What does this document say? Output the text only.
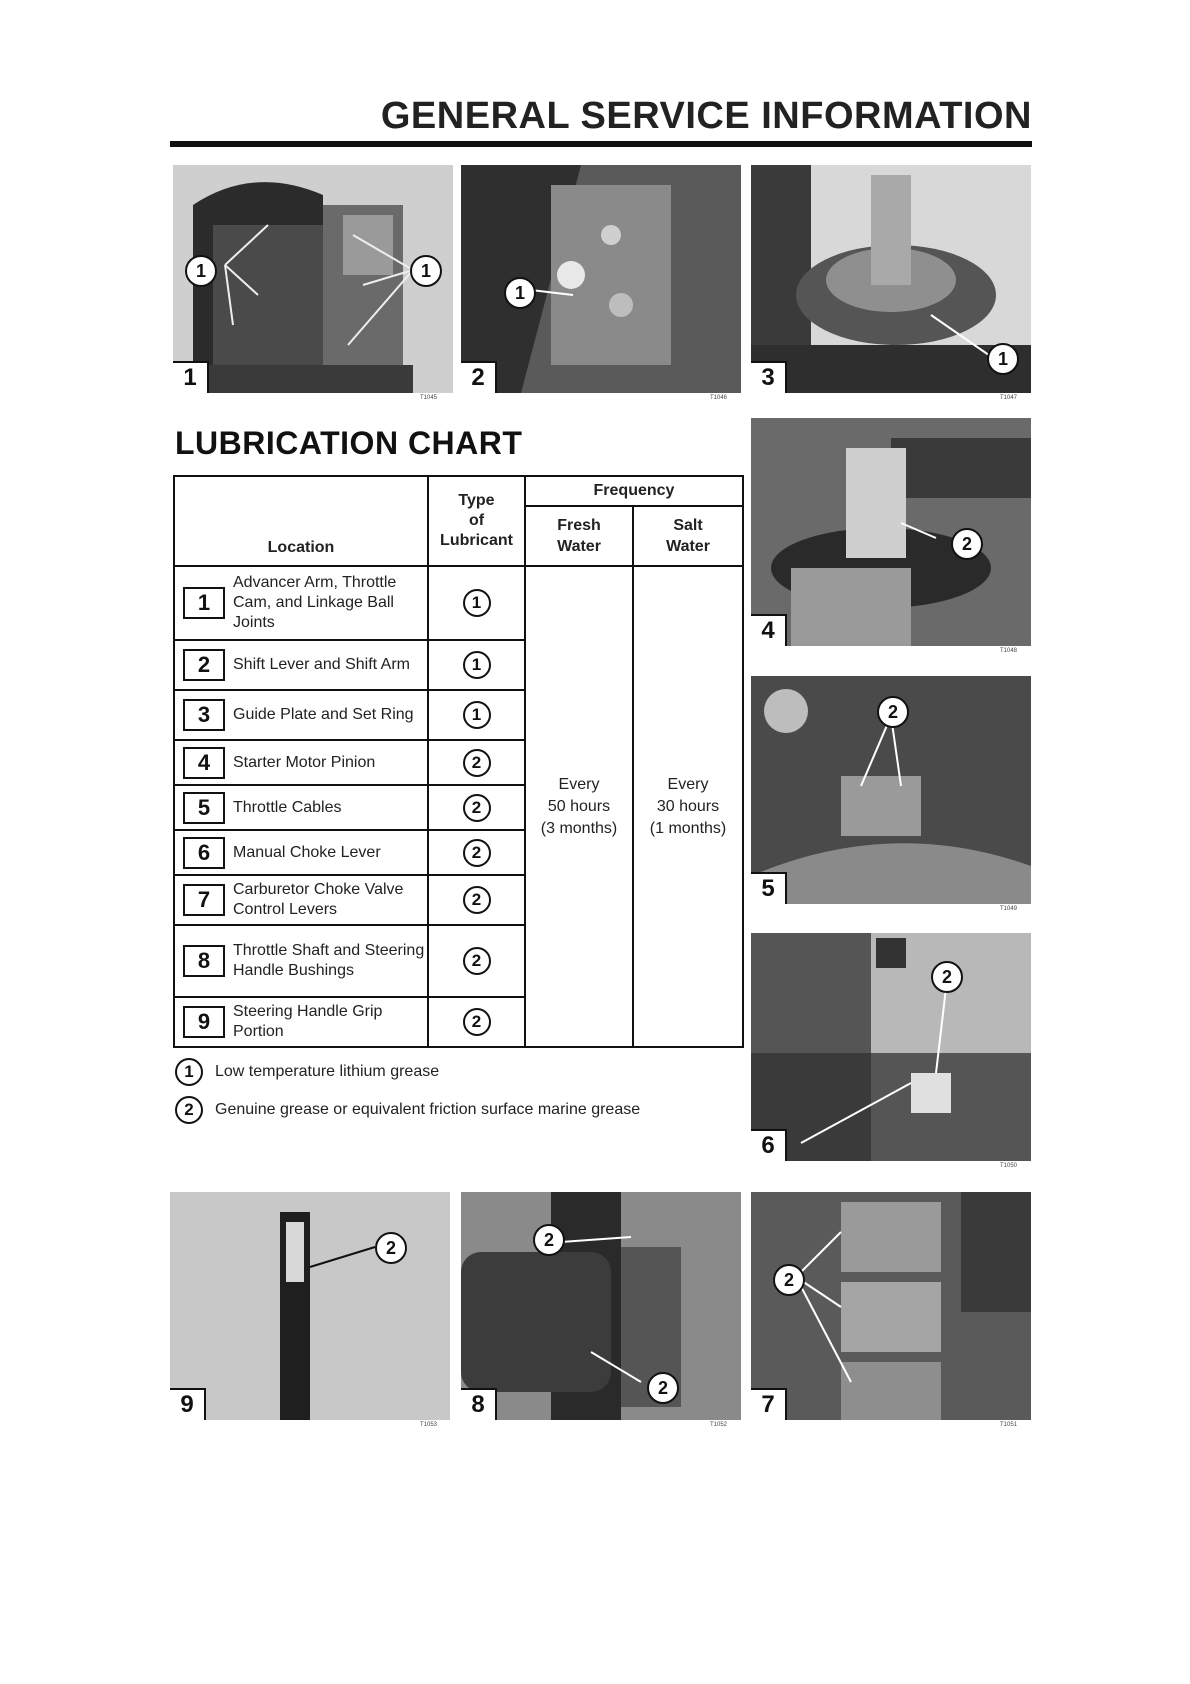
GENERAL SERVICE INFORMATION
1	1
1
T1045
1
2
T1046
1
3
T1047
LUBRICATION CHART
Location	Type
of
Lubricant	Frequency	
		Fresh
Water	Salt
Water

1
Advancer Arm, Throttle Cam, and Linkage Ball Joints	1	Every
50 hours
(3 months)	Every
30 hours
(1 months)

2 Shift Lever and Shift Arm	1		

3 Guide Plate and Set Ring	1		

4 Starter Motor Pinion	2		

5 Throttle Cables	2		

6 Manual Choke Lever	2		

7 Carburetor Choke Valve Control Levers	2		

8 Throttle Shaft and Steering Handle Bushings	2		

9 Steering Handle Grip Portion	2		
1	Low temperature lithium grease
2	Genuine grease or equivalent friction surface marine grease
2
4
T1048
2
5
T1049
2
6
T1050
2
9
T1053
2
2
8
T1052
2
7
T1051
